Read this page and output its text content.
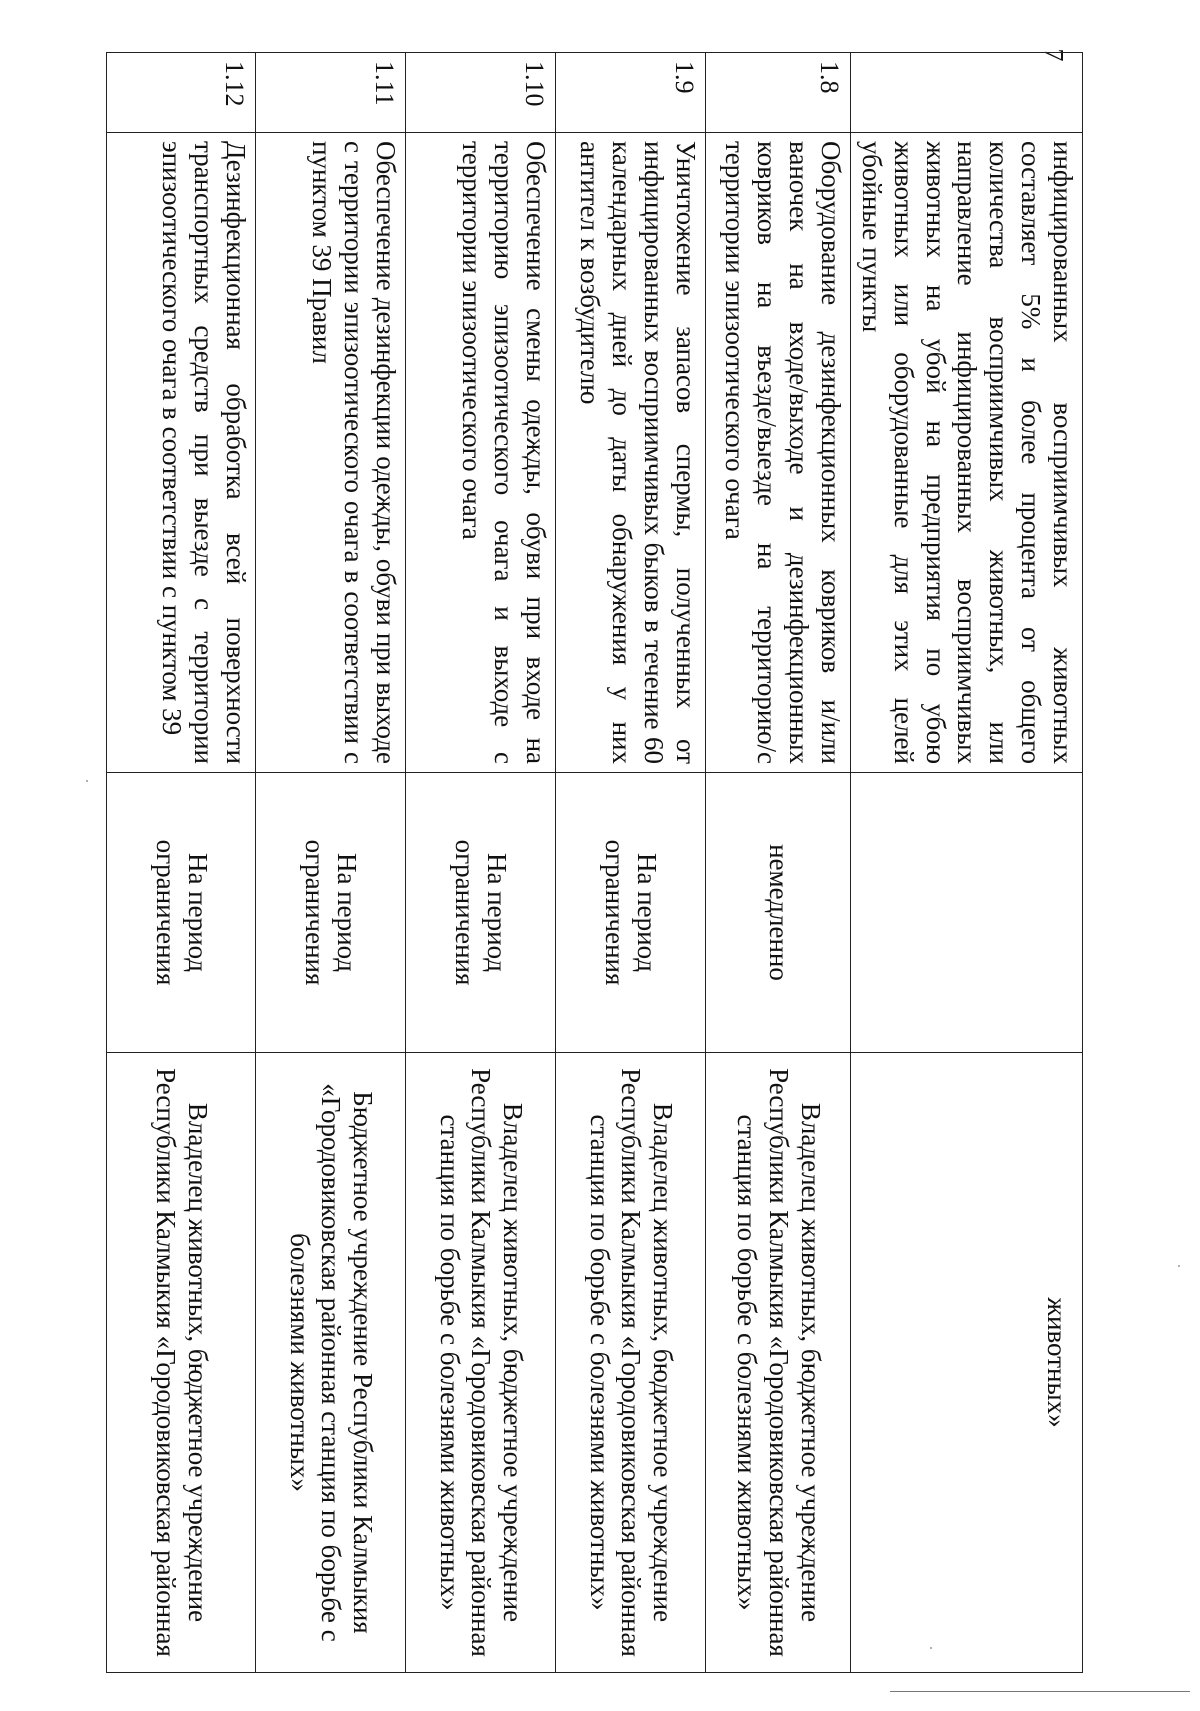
7
	инфицированных восприимчивых животных составляет 5% и более процента от общего количества восприимчивых животных, или направление инфицированных восприимчивых животных на убой на предприятия по убою животных или оборудованные для этих целей убойные пункты		животных»
1.8	Оборудование дезинфекционных ковриков и/или ваночек на входе/выходе и дезинфекционных ковриков на въезде/выезде на территорию/с территории эпизоотического очага	немедленно	Владелец животных, бюджетное учреждение Республики Калмыкия «Городовиковская районная станция по борьбе с болезнями животных»
1.9	Уничтожение запасов спермы, полученных от инфицированных восприимчивых быков в течение 60 календарных дней до даты обнаружения у них антител к возбудителю	На период ограничения	Владелец животных, бюджетное учреждение Республики Калмыкия «Городовиковская районная станция по борьбе с болезнями животных»
1.10	Обеспечение смены одежды, обуви при входе на территорию эпизоотического очага и выходе с территории эпизоотического очага	На период ограничения	Владелец животных, бюджетное учреждение Республики Калмыкия «Городовиковская районная станция по борьбе с болезнями животных»
1.11	Обеспечение дезинфекции одежды, обуви при выходе с территории эпизоотического очага в соответствии с пунктом 39 Правил	На период ограничения	Бюджетное учреждение Республики Калмыкия «Городовиковская районная станция по борьбе с болезнями животных»
1.12	Дезинфекционная обработка всей поверхности транспортных средств при выезде с территории эпизоотического очага в соответствии с пунктом 39	На период ограничения	Владелец животных, бюджетное учреждение Республики Калмыкия «Городовиковская районная
